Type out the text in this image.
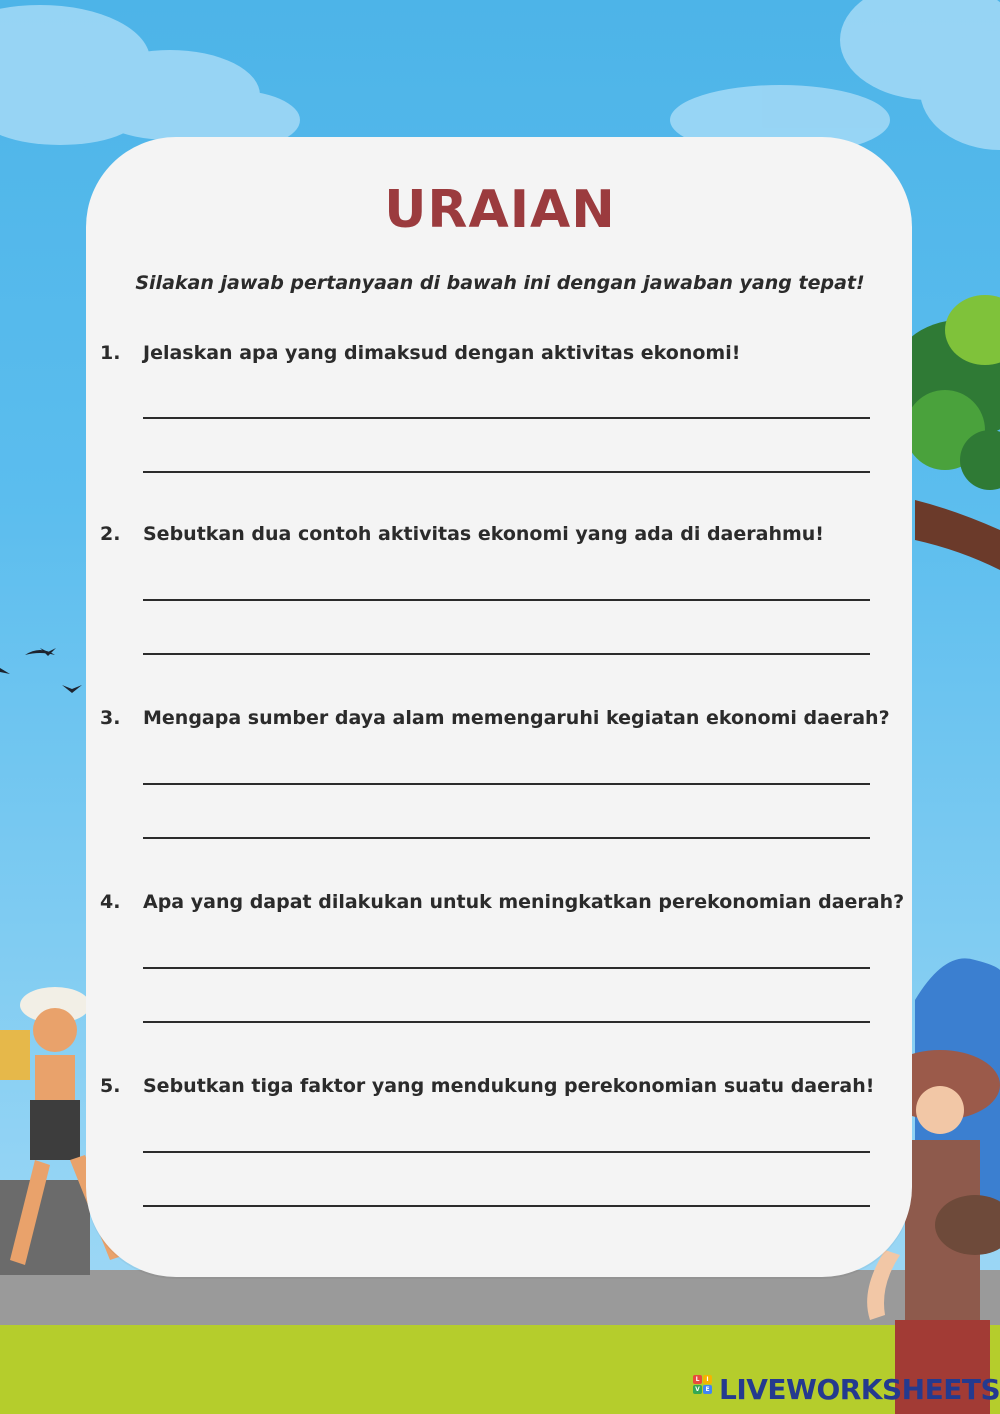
URAIAN
Silakan jawab pertanyaan di bawah ini dengan jawaban yang tepat!
1. Jelaskan apa yang dimaksud dengan aktivitas ekonomi!
2. Sebutkan dua contoh aktivitas ekonomi yang ada di daerahmu!
3. Mengapa sumber daya alam memengaruhi kegiatan ekonomi daerah?
4. Apa yang dapat dilakukan untuk meningkatkan perekonomian daerah?
5. Sebutkan tiga faktor yang mendukung perekonomian suatu daerah!
L	I
V E LIVEWORKSHEETS
